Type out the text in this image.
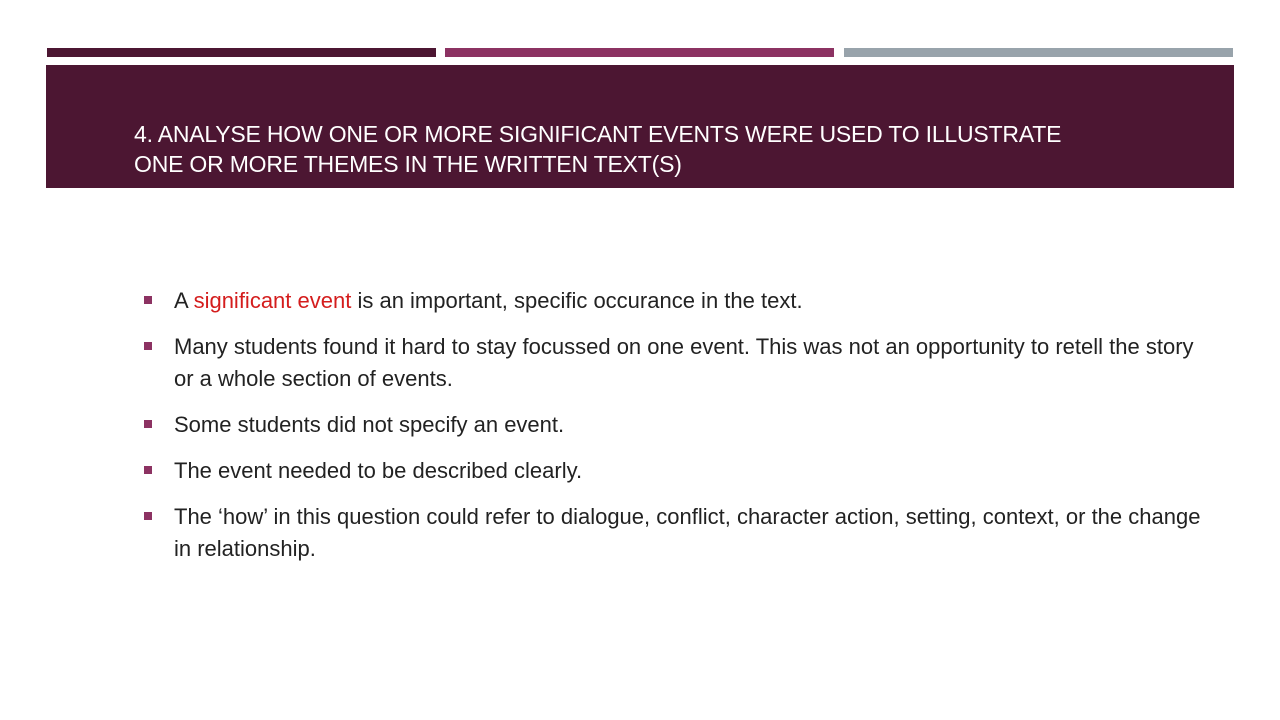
4. ANALYSE HOW ONE OR MORE SIGNIFICANT EVENTS WERE USED TO ILLUSTRATE
ONE OR MORE THEMES IN THE WRITTEN TEXT(S)
A significant event is an important, specific occurance in the text.
Many students found it hard to stay focussed on one event. This was not an opportunity to retell the story or a whole section of events.
Some students did not specify an event.
The event needed to be described clearly.
The ‘how’ in this question could refer to dialogue, conflict, character action, setting, context, or the change in relationship.
